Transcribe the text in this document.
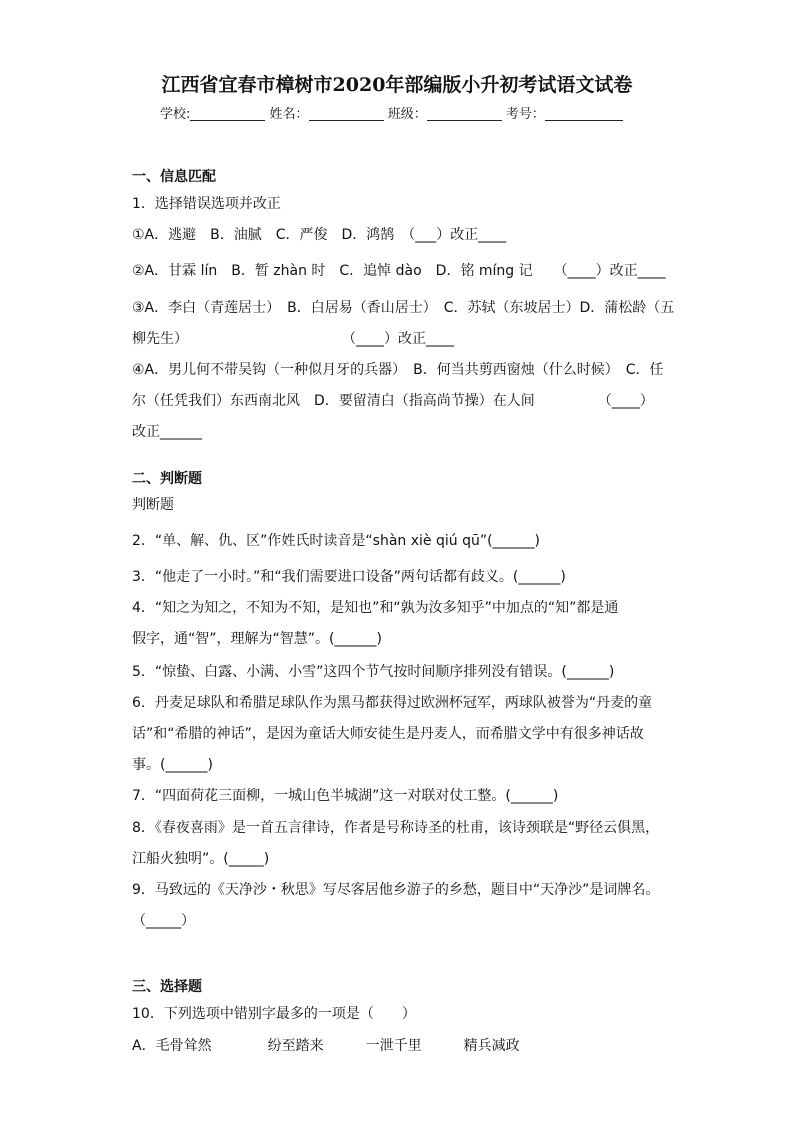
江西省宜春市樟树市2020年部编版小升初考试语文试卷
学校:	姓名：	班级：	考号：
一、信息匹配
1．选择错误选项并改正
①A．逃避　B．油腻　C．严俊　D．鸿鹄　（___）改正____
②A．甘霖 lín　B．暂 zhàn 时　C．追悼 dào　D．铭 míng 记　　（____）改正____
③A．李白（青莲居士）　B．白居易（香山居士）　C．苏轼（东坡居士）D．蒲松龄（五
柳先生）　　　　　　　　　　　　（____）改正____
④A．男儿何不带吴钩（一种似月牙的兵器）　B．何当共剪西窗烛（什么时候）　C．任
尔（任凭我们）东西南北风　D．要留清白（指高尚节操）在人间　　　　　（____）
改正______
二、判断题
判断题
2．“单、解、仇、区”作姓氏时读音是“shàn xiè qiú qū”(______)
3．“他走了一小时。”和“我们需要进口设备”两句话都有歧义。(______)
4．“知之为知之，不知为不知，是知也”和“孰为汝多知乎”中加点的“知”都是通
假字，通“智”，理解为“智慧”。(______)
5．“惊蛰、白露、小满、小雪”这四个节气按时间顺序排列没有错误。(______)
6．丹麦足球队和希腊足球队作为黑马都获得过欧洲杯冠军，两球队被誉为“丹麦的童
话”和“希腊的神话”，是因为童话大师安徒生是丹麦人，而希腊文学中有很多神话故
事。(______)
7．“四面荷花三面柳，一城山色半城湖”这一对联对仗工整。(______)
8．《春夜喜雨》是一首五言律诗，作者是号称诗圣的杜甫，该诗颈联是“野径云俱黑，
江船火独明”。(_____)
9．马致远的《天净沙・秋思》写尽客居他乡游子的乡愁，题目中“天净沙”是词牌名。
（_____）
三、选择题
10．下列选项中错别字最多的一项是（　　）
A．毛骨耸然　　　　纷至踏来　　　一泄千里　　　精兵减政
